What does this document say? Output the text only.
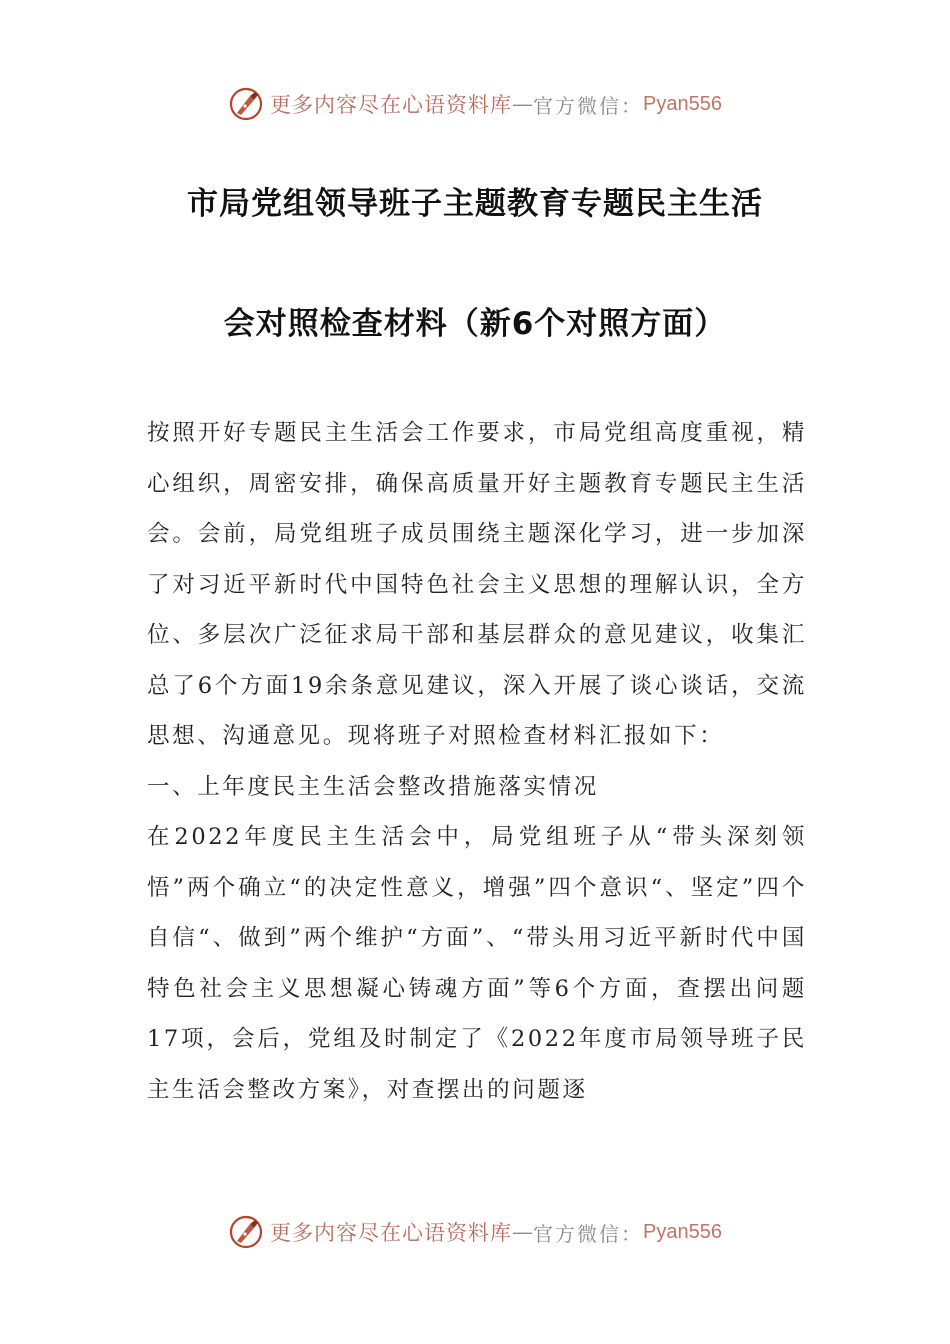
更多内容尽在心语资料库 — 官方微信： Pyan556
市局党组领导班子主题教育专题民主生活
会对照检查材料（新6个对照方面）

按照开好专题民主生活会工作要求，市局党组高度重视，精心组织，周密安排，确保高质量开好主题教育专题民主生活会。会前，局党组班子成员围绕主题深化学习，进一步加深了对习近平新时代中国特色社会主义思想的理解认识，全方位、多层次广泛征求局干部和基层群众的意见建议，收集汇总了6个方面19余条意见建议，深入开展了谈心谈话，交流思想、沟通意见。现将班子对照检查材料汇报如下：

一、上年度民主生活会整改措施落实情况

在2022年度民主生活会中，局党组班子从“带头深刻领悟”两个确立“的决定性意义，增强”四个意识“、坚定”四个自信“、做到”两个维护“方面”、“带头用习近平新时代中国特色社会主义思想凝心铸魂方面”等6个方面，查摆出问题17项，会后，党组及时制定了《2022年度市局领导班子民主生活会整改方案》，对查摆出的问题逐

更多内容尽在心语资料库 — 官方微信： Pyan556
